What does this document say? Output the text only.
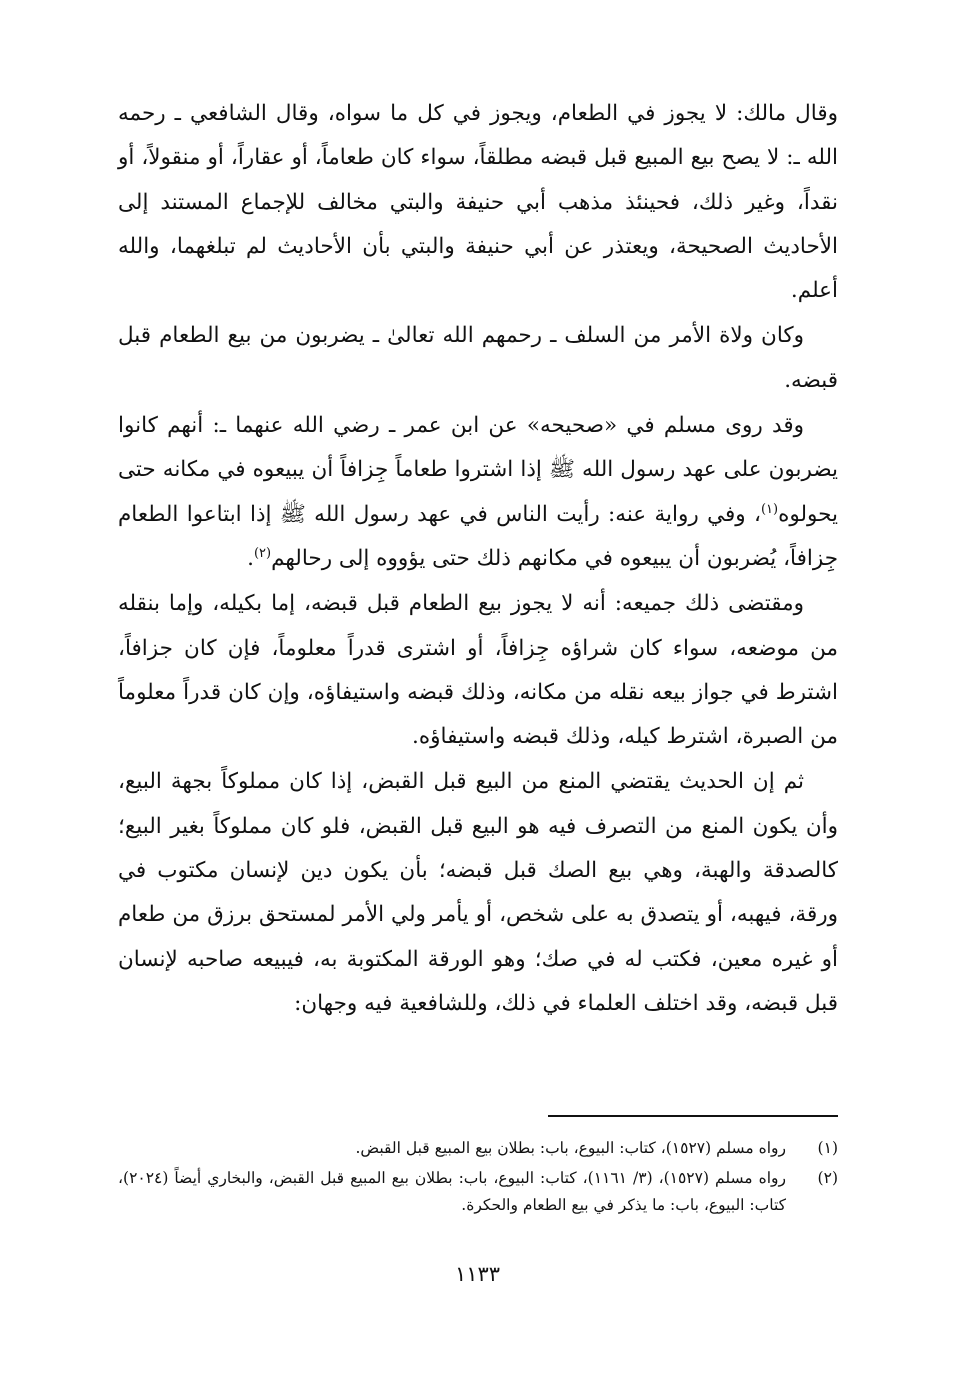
وقال مالك: لا يجوز في الطعام، ويجوز في كل ما سواه، وقال الشافعي ـ رحمه الله ـ: لا يصح بيع المبيع قبل قبضه مطلقاً، سواء كان طعاماً، أو عقاراً، أو منقولاً، أو نقداً، وغير ذلك، فحينئذ مذهب أبي حنيفة والبتي مخالف للإجماع المستند إلى الأحاديث الصحيحة، ويعتذر عن أبي حنيفة والبتي بأن الأحاديث لم تبلغهما، والله أعلم.

وكان ولاة الأمر من السلف ـ رحمهم الله تعالىٰ ـ يضربون من بيع الطعام قبل قبضه.

وقد روى مسلم في «صحيحه» عن ابن عمر ـ رضي الله عنهما ـ: أنهم كانوا يضربون على عهد رسول الله ﷺ إذا اشتروا طعاماً جِزافاً أن يبيعوه في مكانه حتى يحولوه$^{(١)}$، وفي رواية عنه: رأيت الناس في عهد رسول الله ﷺ إذا ابتاعوا الطعام جِزافاً، يُضربون أن يبيعوه في مكانهم ذلك حتى يؤووه إلى رحالهم$^{(٢)}$.

ومقتضى ذلك جميعه: أنه لا يجوز بيع الطعام قبل قبضه، إما بكيله، وإما بنقله من موضعه، سواء كان شراؤه جِزافاً، أو اشترى قدراً معلوماً، فإن كان جزافاً، اشترط في جواز بيعه نقله من مكانه، وذلك قبضه واستيفاؤه، وإن كان قدراً معلوماً من الصبرة، اشترط كيله، وذلك قبضه واستيفاؤه.

ثم إن الحديث يقتضي المنع من البيع قبل القبض، إذا كان مملوكاً بجهة البيع، وأن يكون المنع من التصرف فيه هو البيع قبل القبض، فلو كان مملوكاً بغير البيع؛ كالصدقة والهبة، وهي بيع الصك قبل قبضه؛ بأن يكون دين لإنسان مكتوب في ورقة، فيهبه، أو يتصدق به على شخص، أو يأمر ولي الأمر لمستحق برزق من طعام أو غيره معين، فكتب له في صك؛ وهو الورقة المكتوبة به، فيبيعه صاحبه لإنسان قبل قبضه، وقد اختلف العلماء في ذلك، وللشافعية فيه وجهان:

(١)
رواه مسلم (١٥٢٧)، كتاب: البيوع، باب: بطلان بيع المبيع قبل القبض.
(٢)
رواه مسلم (١٥٢٧)، (٣/ ١١٦١)، كتاب: البيوع، باب: بطلان بيع المبيع قبل القبض، والبخاري أيضاً (٢٠٢٤)، كتاب: البيوع، باب: ما يذكر في بيع الطعام والحكرة.
١١٣٣
